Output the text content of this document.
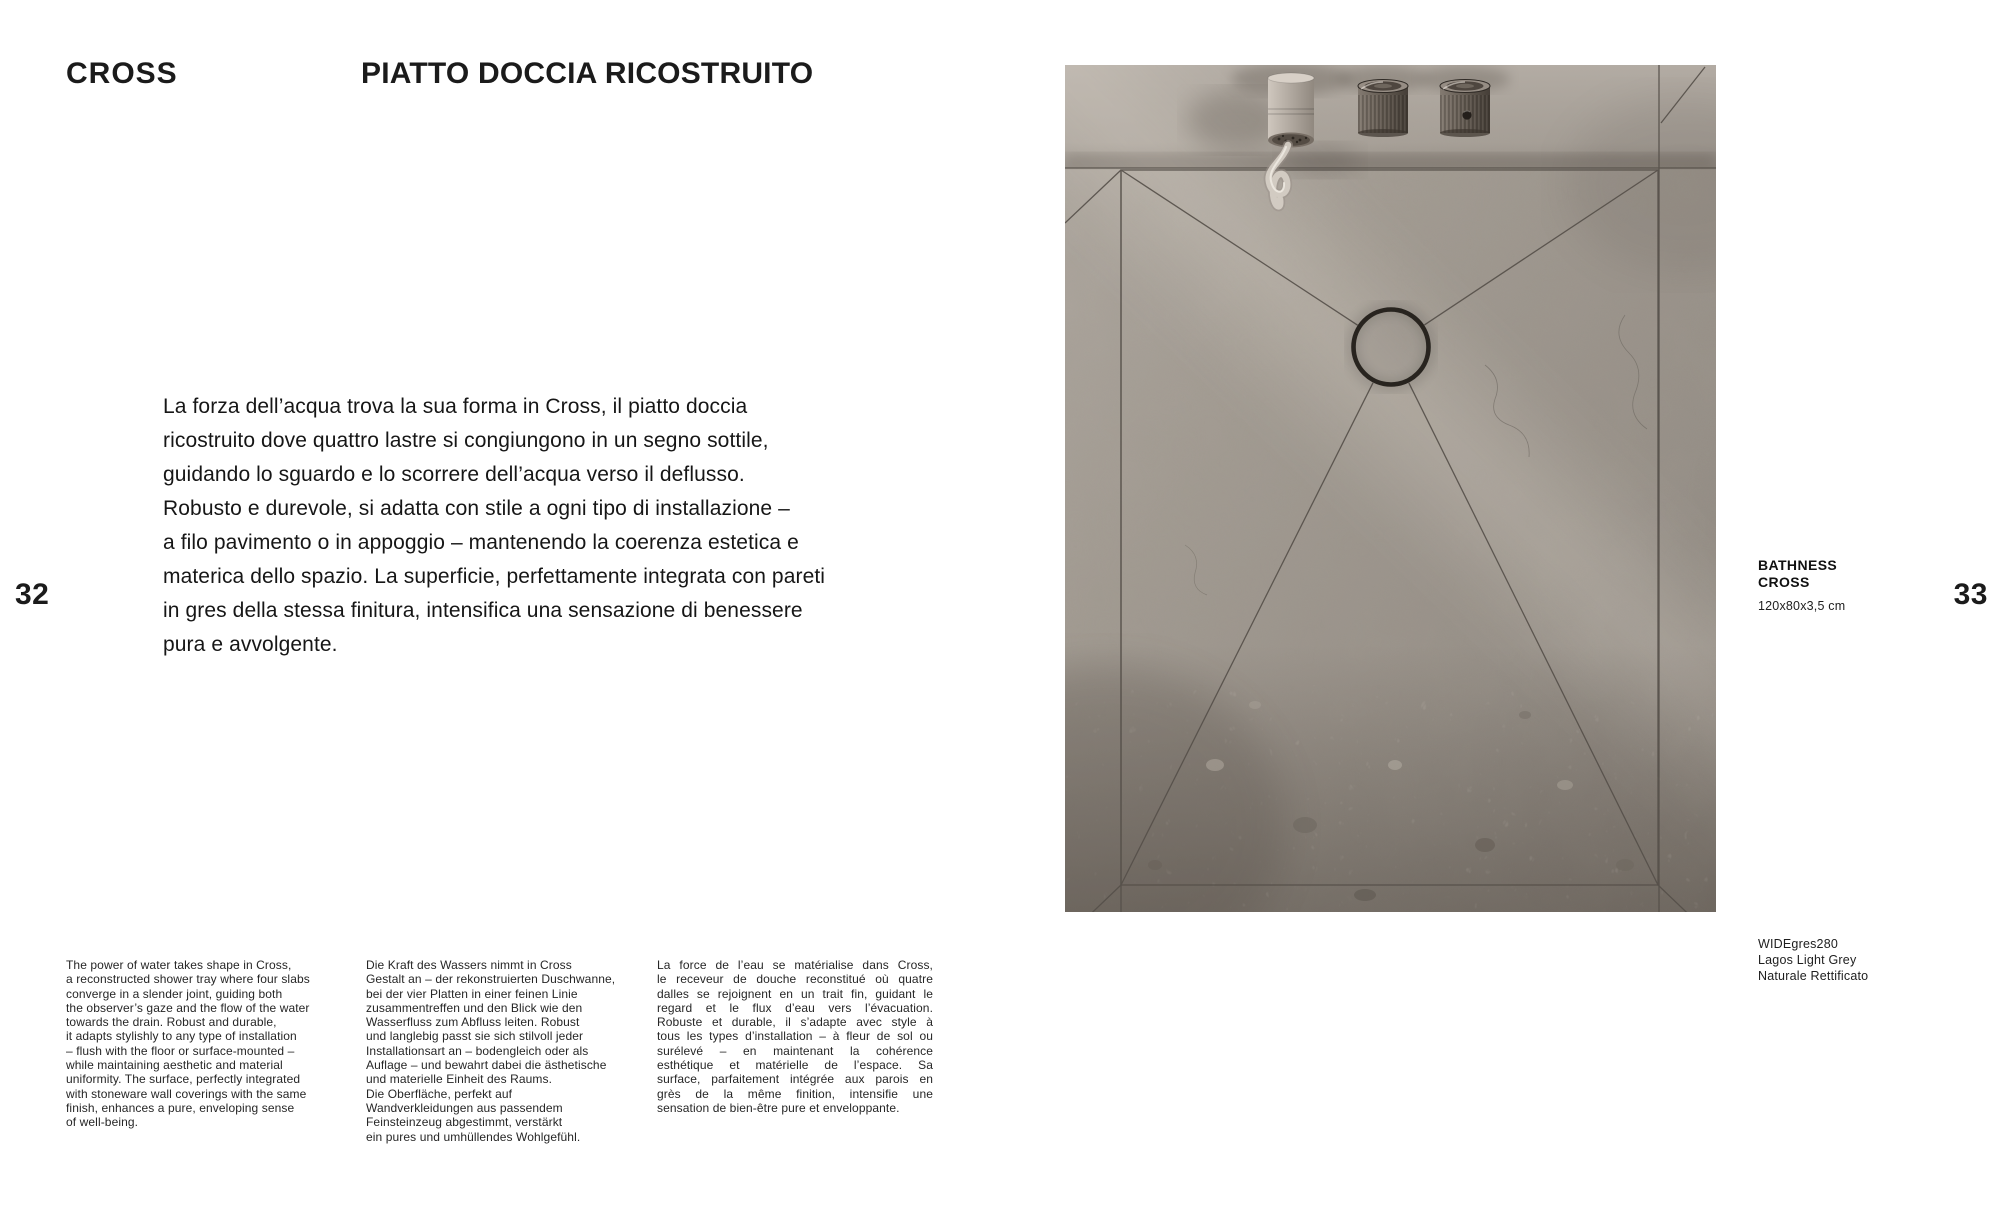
CROSS	PIATTO DOCCIA RICOSTRUITO
La forza dell’acqua trova la sua forma in Cross, il piatto doccia
ricostruito dove quattro lastre si congiungono in un segno sottile,
guidando lo sguardo e lo scorrere dell’acqua verso il deflusso.
Robusto e durevole, si adatta con stile a ogni tipo di installazione –
a filo pavimento o in appoggio – mantenendo la coerenza estetica e
materica dello spazio. La superficie, perfettamente integrata con pareti
in gres della stessa finitura, intensifica una sensazione di benessere
pura e avvolgente.
32	33
The power of water takes shape in Cross,
a reconstructed shower tray where four slabs
converge in a slender joint, guiding both
the observer’s gaze and the flow of the water
towards the drain. Robust and durable,
it adapts stylishly to any type of installation
– flush with the floor or surface-mounted –
while maintaining aesthetic and material
uniformity. The surface, perfectly integrated
with stoneware wall coverings with the same
finish, enhances a pure, enveloping sense
of well-being.
Die Kraft des Wassers nimmt in Cross
Gestalt an – der rekonstruierten Duschwanne,
bei der vier Platten in einer feinen Linie
zusammentreffen und den Blick wie den
Wasserfluss zum Abfluss leiten. Robust
und langlebig passt sie sich stilvoll jeder
Installationsart an – bodengleich oder als
Auflage – und bewahrt dabei die ästhetische
und materielle Einheit des Raums.
Die Oberfläche, perfekt auf
Wandverkleidungen aus passendem
Feinsteinzeug abgestimmt, verstärkt
ein pures und umhüllendes Wohlgefühl.
La force de l’eau se matérialise dans Cross,
le receveur de douche reconstitué où quatre
dalles se rejoignent en un trait fin, guidant le
regard et le flux d’eau vers l’évacuation.
Robuste et durable, il s’adapte avec style à
tous les types d’installation – à fleur de sol ou
surélevé – en maintenant la cohérence
esthétique et matérielle de l’espace. Sa
surface, parfaitement intégrée aux parois en
grès de la même finition, intensifie une
sensation de bien-être pure et enveloppante.
BATHNESS
CROSS
120x80x3,5 cm
WIDEgres280
Lagos Light Grey
Naturale Rettificato
